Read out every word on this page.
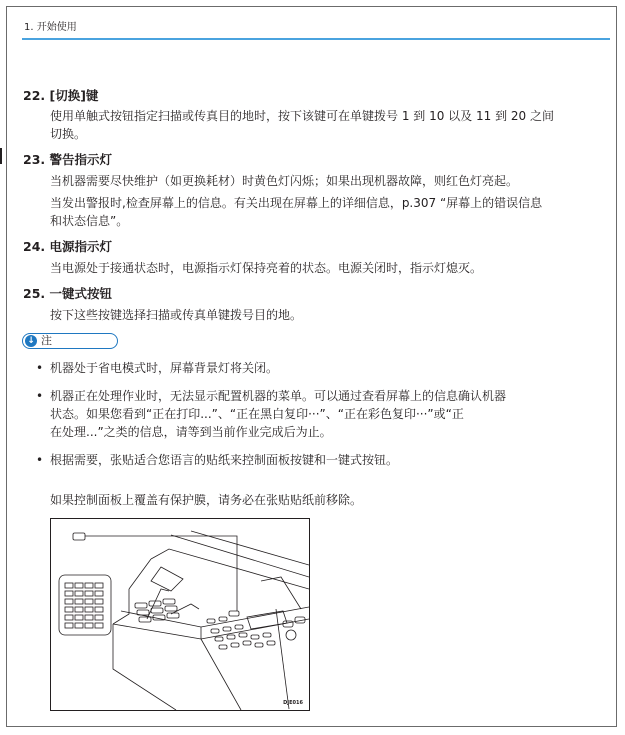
1. 开始使用
22. [切换]键
使用单触式按钮指定扫描或传真目的地时，按下该键可在单键拨号 1 到 10 以及 11 到 20 之间
切换。
23. 警告指示灯
当机器需要尽快维护（如更换耗材）时黄色灯闪烁；如果出现机器故障，则红色灯亮起。
当发出警报时,检查屏幕上的信息。有关出现在屏幕上的详细信息，p.307 “屏幕上的错误信息
和状态信息”。
24. 电源指示灯
当电源处于接通状态时，电源指示灯保持亮着的状态。电源关闭时，指示灯熄灭。
25. 一键式按钮
按下这些按键选择扫描或传真单键拨号目的地。
↓ 注
• 机器处于省电模式时，屏幕背景灯将关闭。
• 机器正在处理作业时，无法显示配置机器的菜单。可以通过查看屏幕上的信息确认机器
状态。如果您看到“正在打印...”、“正在黑白复印···”、“正在彩色复印···”或“正
在处理...”之类的信息，请等到当前作业完成后为止。
• 根据需要，张贴适合您语言的贴纸来控制面板按键和一键式按钮。
如果控制面板上覆盖有保护膜，请务必在张贴贴纸前移除。
DJE016
